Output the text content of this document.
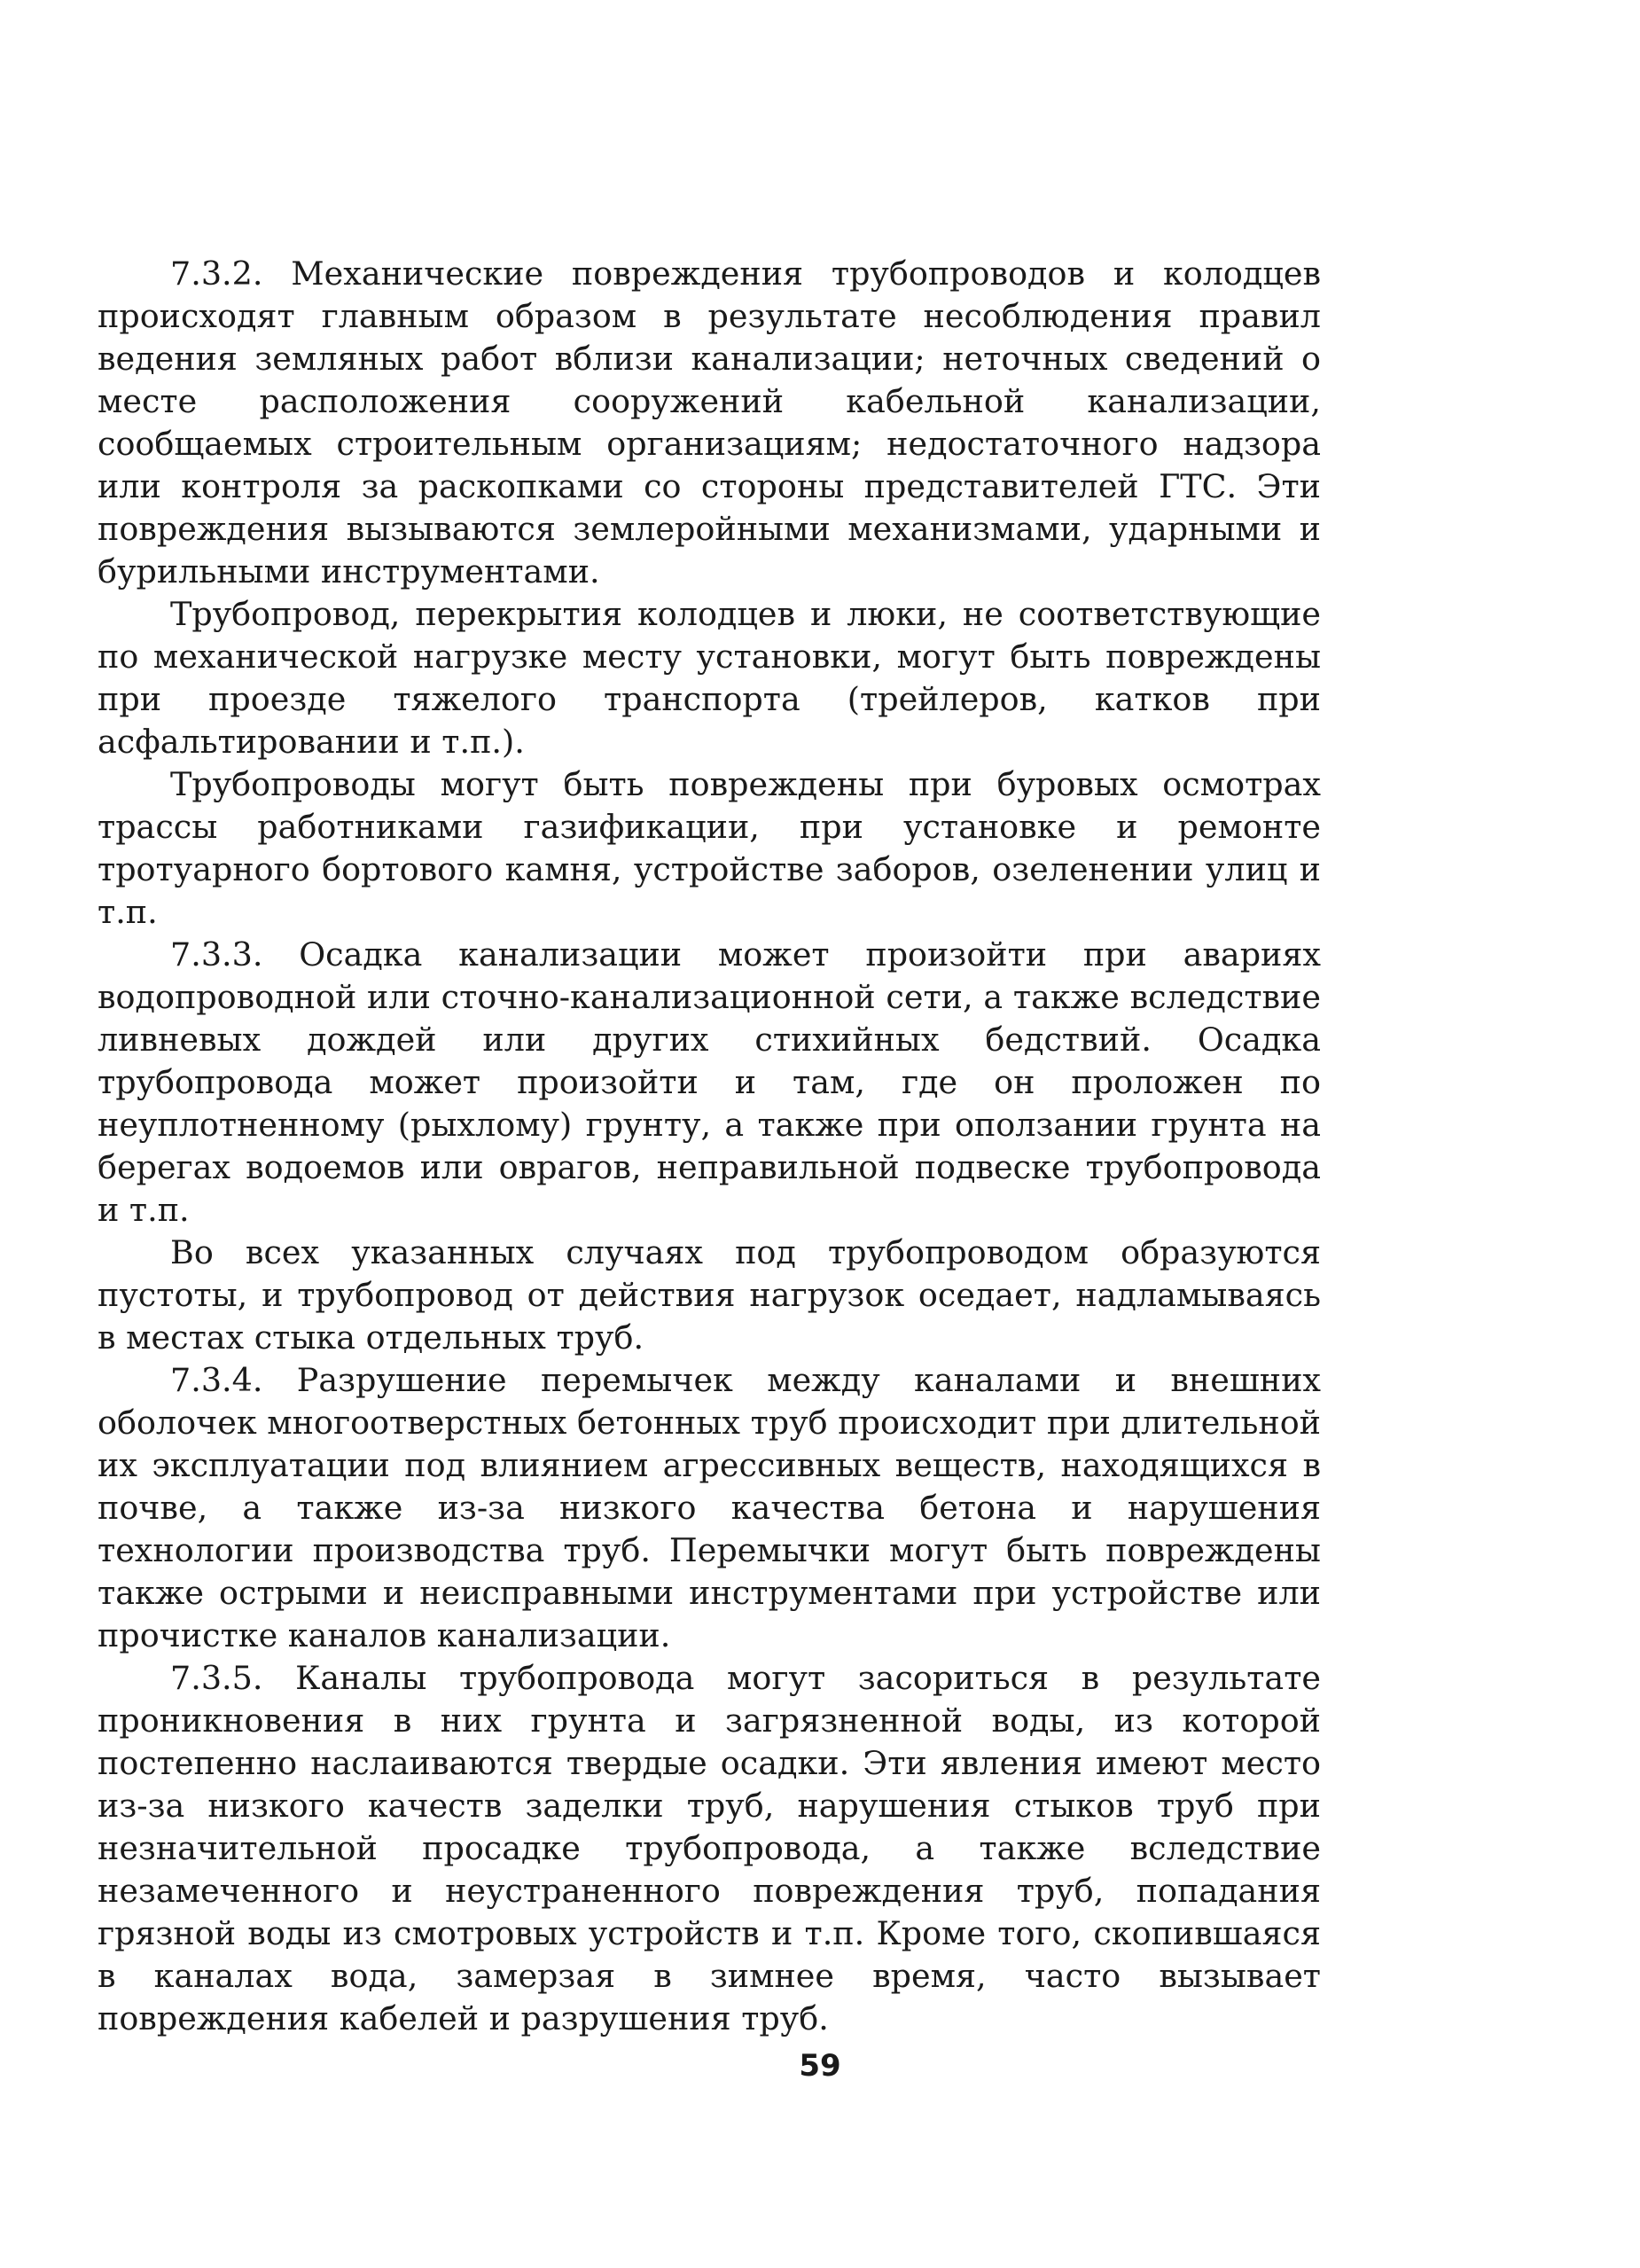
7.3.2. Механические повреждения трубопроводов и колодцев происходят главным образом в результате несоблюдения правил ведения земляных работ вблизи канализации; неточных сведений о месте расположения сооружений кабельной канализации, сообщаемых строительным организациям; недостаточного надзора или контроля за раскопками со стороны представителей ГТС. Эти повреждения вызываются землеройными механизмами, ударными и бурильными инструментами.

Трубопровод, перекрытия колодцев и люки, не соответствующие по механической нагрузке месту установки, могут быть повреждены при проезде тяжелого транспорта (трейлеров, катков при асфальтировании и т.п.).

Трубопроводы могут быть повреждены при буровых осмотрах трассы работниками газификации, при установке и ремонте тротуарного бортового камня, устройстве заборов, озеленении улиц и т.п.

7.3.3. Осадка канализации может произойти при авариях водопроводной или сточно-канализационной сети, а также вследствие ливневых дождей или других стихийных бедствий. Осадка трубопровода может произойти и там, где он проложен по неуплотненному (рыхлому) грунту, а также при оползании грунта на берегах водоемов или оврагов, неправильной подвеске трубопровода и т.п.

Во всех указанных случаях под трубопроводом образуются пустоты, и трубопровод от действия нагрузок оседает, надламываясь в местах стыка отдельных труб.

7.3.4. Разрушение перемычек между каналами и внешних оболочек многоотверстных бетонных труб происходит при длительной их эксплуатации под влиянием агрессивных веществ, находящихся в почве, а также из-за низкого качества бетона и нарушения технологии производства труб. Перемычки могут быть повреждены также острыми и неисправными инструментами при устройстве или прочистке каналов канализации.

7.3.5. Каналы трубопровода могут засориться в результате проникновения в них грунта и загрязненной воды, из которой постепенно наслаиваются твердые осадки. Эти явления имеют место из-за низкого качеств заделки труб, нарушения стыков труб при незначительной просадке трубопровода, а также вследствие незамеченного и неустраненного повреждения труб, попадания грязной воды из смотровых устройств и т.п. Кроме того, скопившаяся в каналах вода, замерзая в зимнее время, часто вызывает повреждения кабелей и разрушения труб.

59
